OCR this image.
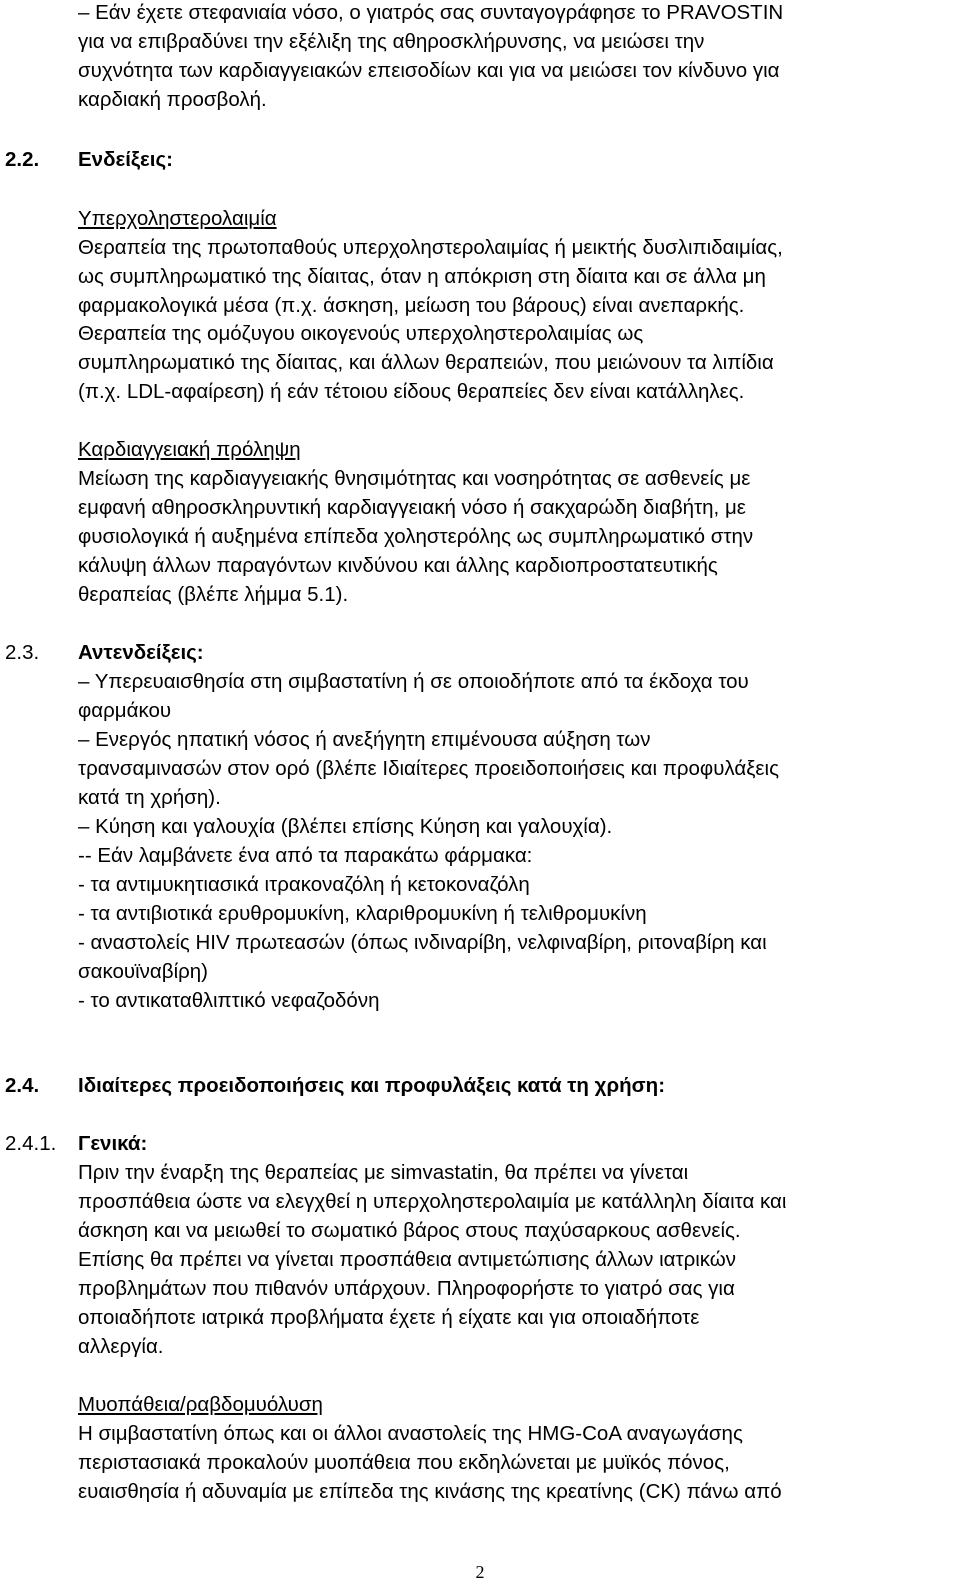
– Εάν έχετε στεφανιαία νόσο, ο γιατρός σας συνταγογράφησε το PRAVOSTIN
για να επιβραδύνει την εξέλιξη της αθηροσκλήρυνσης, να μειώσει την
συχνότητα των καρδιαγγειακών επεισοδίων και για να μειώσει τον κίνδυνο για
καρδιακή προσβολή.
2.2. Ενδείξεις:
Υπερχοληστερολαιμία
Θεραπεία της πρωτοπαθούς υπερχοληστερολαιμίας ή μεικτής δυσλιπιδαιμίας,
ως συμπληρωματικό της δίαιτας, όταν η απόκριση στη δίαιτα και σε άλλα μη
φαρμακολογικά μέσα (π.χ. άσκηση, μείωση του βάρους) είναι ανεπαρκής.
Θεραπεία της ομόζυγου οικογενούς υπερχοληστερολαιμίας ως
συμπληρωματικό της δίαιτας, και άλλων θεραπειών, που μειώνουν τα λιπίδια
(π.χ. LDL-αφαίρεση) ή εάν τέτοιου είδους θεραπείες δεν είναι κατάλληλες.
Καρδιαγγειακή πρόληψη
Μείωση της καρδιαγγειακής θνησιμότητας και νοσηρότητας σε ασθενείς με
εμφανή αθηροσκληρυντική καρδιαγγειακή νόσο ή σακχαρώδη διαβήτη, με
φυσιολογικά ή αυξημένα επίπεδα χοληστερόλης ως συμπληρωματικό στην
κάλυψη άλλων παραγόντων κινδύνου και άλλης καρδιοπροστατευτικής
θεραπείας (βλέπε λήμμα 5.1).
2.3. Αντενδείξεις:
– Υπερευαισθησία στη σιμβαστατίνη ή σε οποιοδήποτε από τα έκδοχα του
φαρμάκου
– Ενεργός ηπατική νόσος ή ανεξήγητη επιμένουσα αύξηση των
τρανσαμινασών στον ορό (βλέπε Ιδιαίτερες προειδοποιήσεις και προφυλάξεις
κατά τη χρήση).
– Κύηση και γαλουχία (βλέπει επίσης Κύηση και γαλουχία).
-- Εάν λαμβάνετε ένα από τα παρακάτω φάρμακα:
- τα αντιμυκητιασικά ιτρακοναζόλη ή κετοκοναζόλη
- τα αντιβιοτικά ερυθρομυκίνη, κλαριθρομυκίνη ή τελιθρομυκίνη
- αναστολείς HIV πρωτεασών (όπως ινδιναρίβη, νελφιναβίρη, ριτοναβίρη και
σακουϊναβίρη)
- το αντικαταθλιπτικό νεφαζοδόνη
2.4. Ιδιαίτερες προειδοποιήσεις και προφυλάξεις κατά τη χρήση:
2.4.1. Γενικά:
Πριν την έναρξη της θεραπείας με simvastatin, θα πρέπει να γίνεται
προσπάθεια ώστε να ελεγχθεί η υπερχοληστερολαιμία με κατάλληλη δίαιτα και
άσκηση και να μειωθεί το σωματικό βάρος στους παχύσαρκους ασθενείς.
Επίσης θα πρέπει να γίνεται προσπάθεια αντιμετώπισης άλλων ιατρικών
προβλημάτων που πιθανόν υπάρχουν. Πληροφορήστε το γιατρό σας για
οποιαδήποτε ιατρικά προβλήματα έχετε ή είχατε και για οποιαδήποτε
αλλεργία.
Μυοπάθεια/ραβδομυόλυση
Η σιμβαστατίνη όπως και οι άλλοι αναστολείς της HMG-CoA αναγωγάσης
περιστασιακά προκαλούν μυοπάθεια που εκδηλώνεται με μυϊκός πόνος,
ευαισθησία ή αδυναμία με επίπεδα της κινάσης της κρεατίνης (CK) πάνω από
2
